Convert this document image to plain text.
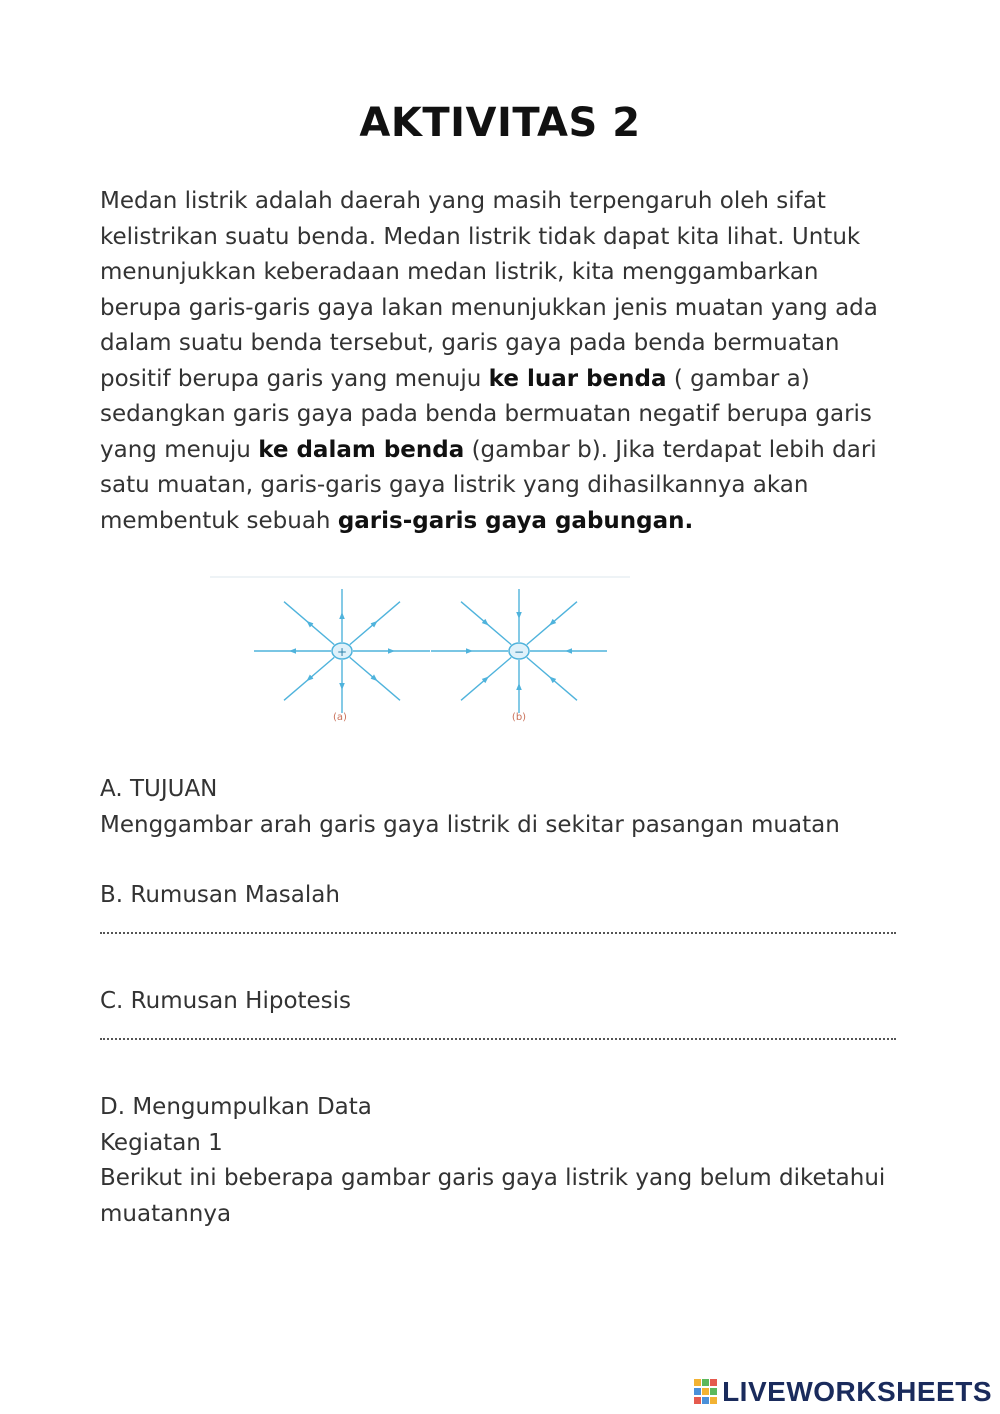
AKTIVITAS 2
Medan listrik adalah daerah yang masih terpengaruh oleh sifat kelistrikan suatu benda. Medan listrik tidak dapat kita lihat. Untuk menunjukkan keberadaan medan listrik, kita menggambarkan berupa garis-garis gaya lakan menunjukkan jenis muatan yang ada dalam suatu benda tersebut, garis gaya pada benda bermuatan positif berupa garis yang menuju ke luar benda ( gambar a) sedangkan garis gaya pada benda bermuatan negatif berupa garis yang menuju ke dalam benda (gambar b). Jika terdapat lebih dari satu muatan, garis-garis gaya listrik yang dihasilkannya akan membentuk sebuah garis-garis gaya gabungan.
+	−
(a)	(b)
A. TUJUAN
Menggambar arah garis gaya listrik di sekitar pasangan muatan
B. Rumusan Masalah
C. Rumusan Hipotesis
D. Mengumpulkan Data
Kegiatan 1
Berikut ini beberapa gambar garis gaya listrik yang belum diketahui muatannya
LIVEWORKSHEETS
